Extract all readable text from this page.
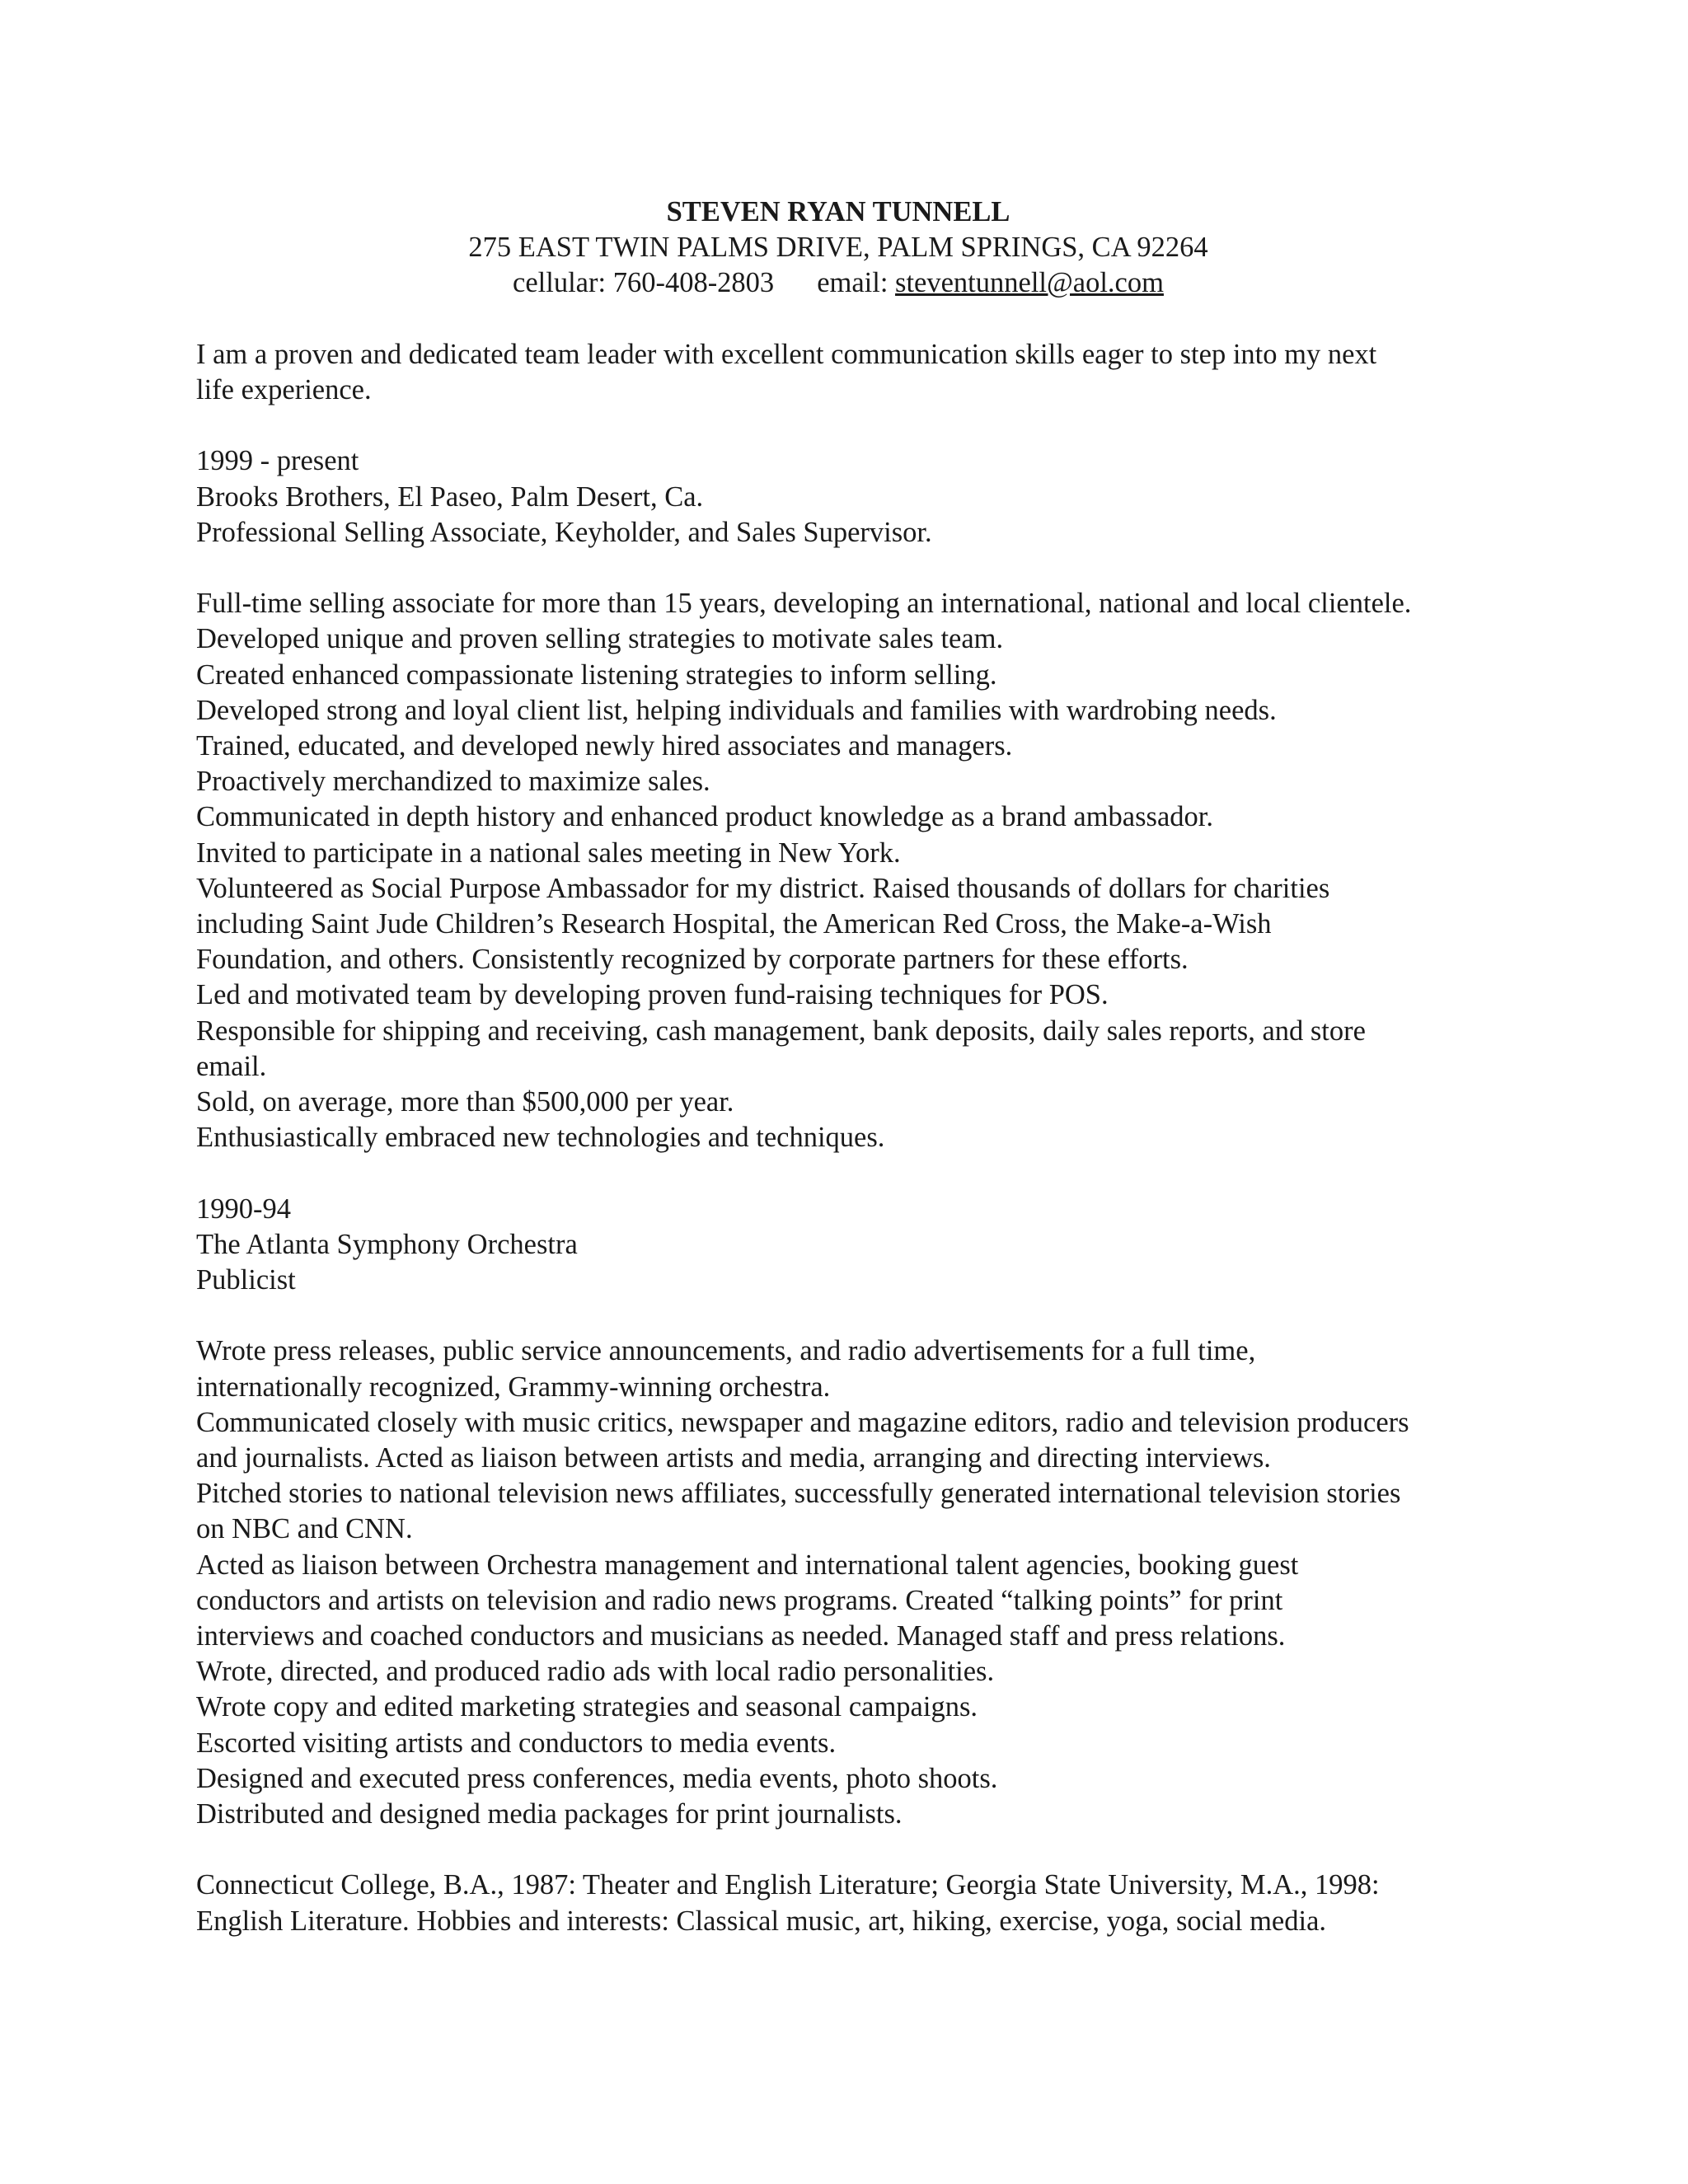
STEVEN RYAN TUNNELL
275 EAST TWIN PALMS DRIVE, PALM SPRINGS, CA 92264
cellular: 760-408-2803 email: steventunnell@aol.com
I am a proven and dedicated team leader with excellent communication skills eager to step into my next
life experience.
1999 - present
Brooks Brothers, El Paseo, Palm Desert, Ca.
Professional Selling Associate, Keyholder, and Sales Supervisor.
Full-time selling associate for more than 15 years, developing an international, national and local clientele.
Developed unique and proven selling strategies to motivate sales team.
Created enhanced compassionate listening strategies to inform selling.
Developed strong and loyal client list, helping individuals and families with wardrobing needs.
Trained, educated, and developed newly hired associates and managers.
Proactively merchandized to maximize sales.
Communicated in depth history and enhanced product knowledge as a brand ambassador.
Invited to participate in a national sales meeting in New York.
Volunteered as Social Purpose Ambassador for my district. Raised thousands of dollars for charities
including Saint Jude Children’s Research Hospital, the American Red Cross, the Make-a-Wish
Foundation, and others. Consistently recognized by corporate partners for these efforts.
Led and motivated team by developing proven fund-raising techniques for POS.
Responsible for shipping and receiving, cash management, bank deposits, daily sales reports, and store
email.
Sold, on average, more than $500,000 per year.
Enthusiastically embraced new technologies and techniques.
1990-94
The Atlanta Symphony Orchestra
Publicist
Wrote press releases, public service announcements, and radio advertisements for a full time,
internationally recognized, Grammy-winning orchestra.
Communicated closely with music critics, newspaper and magazine editors, radio and television producers
and journalists. Acted as liaison between artists and media, arranging and directing interviews.
Pitched stories to national television news affiliates, successfully generated international television stories
on NBC and CNN.
Acted as liaison between Orchestra management and international talent agencies, booking guest
conductors and artists on television and radio news programs. Created “talking points” for print
interviews and coached conductors and musicians as needed. Managed staff and press relations.
Wrote, directed, and produced radio ads with local radio personalities.
Wrote copy and edited marketing strategies and seasonal campaigns.
Escorted visiting artists and conductors to media events.
Designed and executed press conferences, media events, photo shoots.
Distributed and designed media packages for print journalists.
Connecticut College, B.A., 1987: Theater and English Literature; Georgia State University, M.A., 1998:
English Literature. Hobbies and interests: Classical music, art, hiking, exercise, yoga, social media.
